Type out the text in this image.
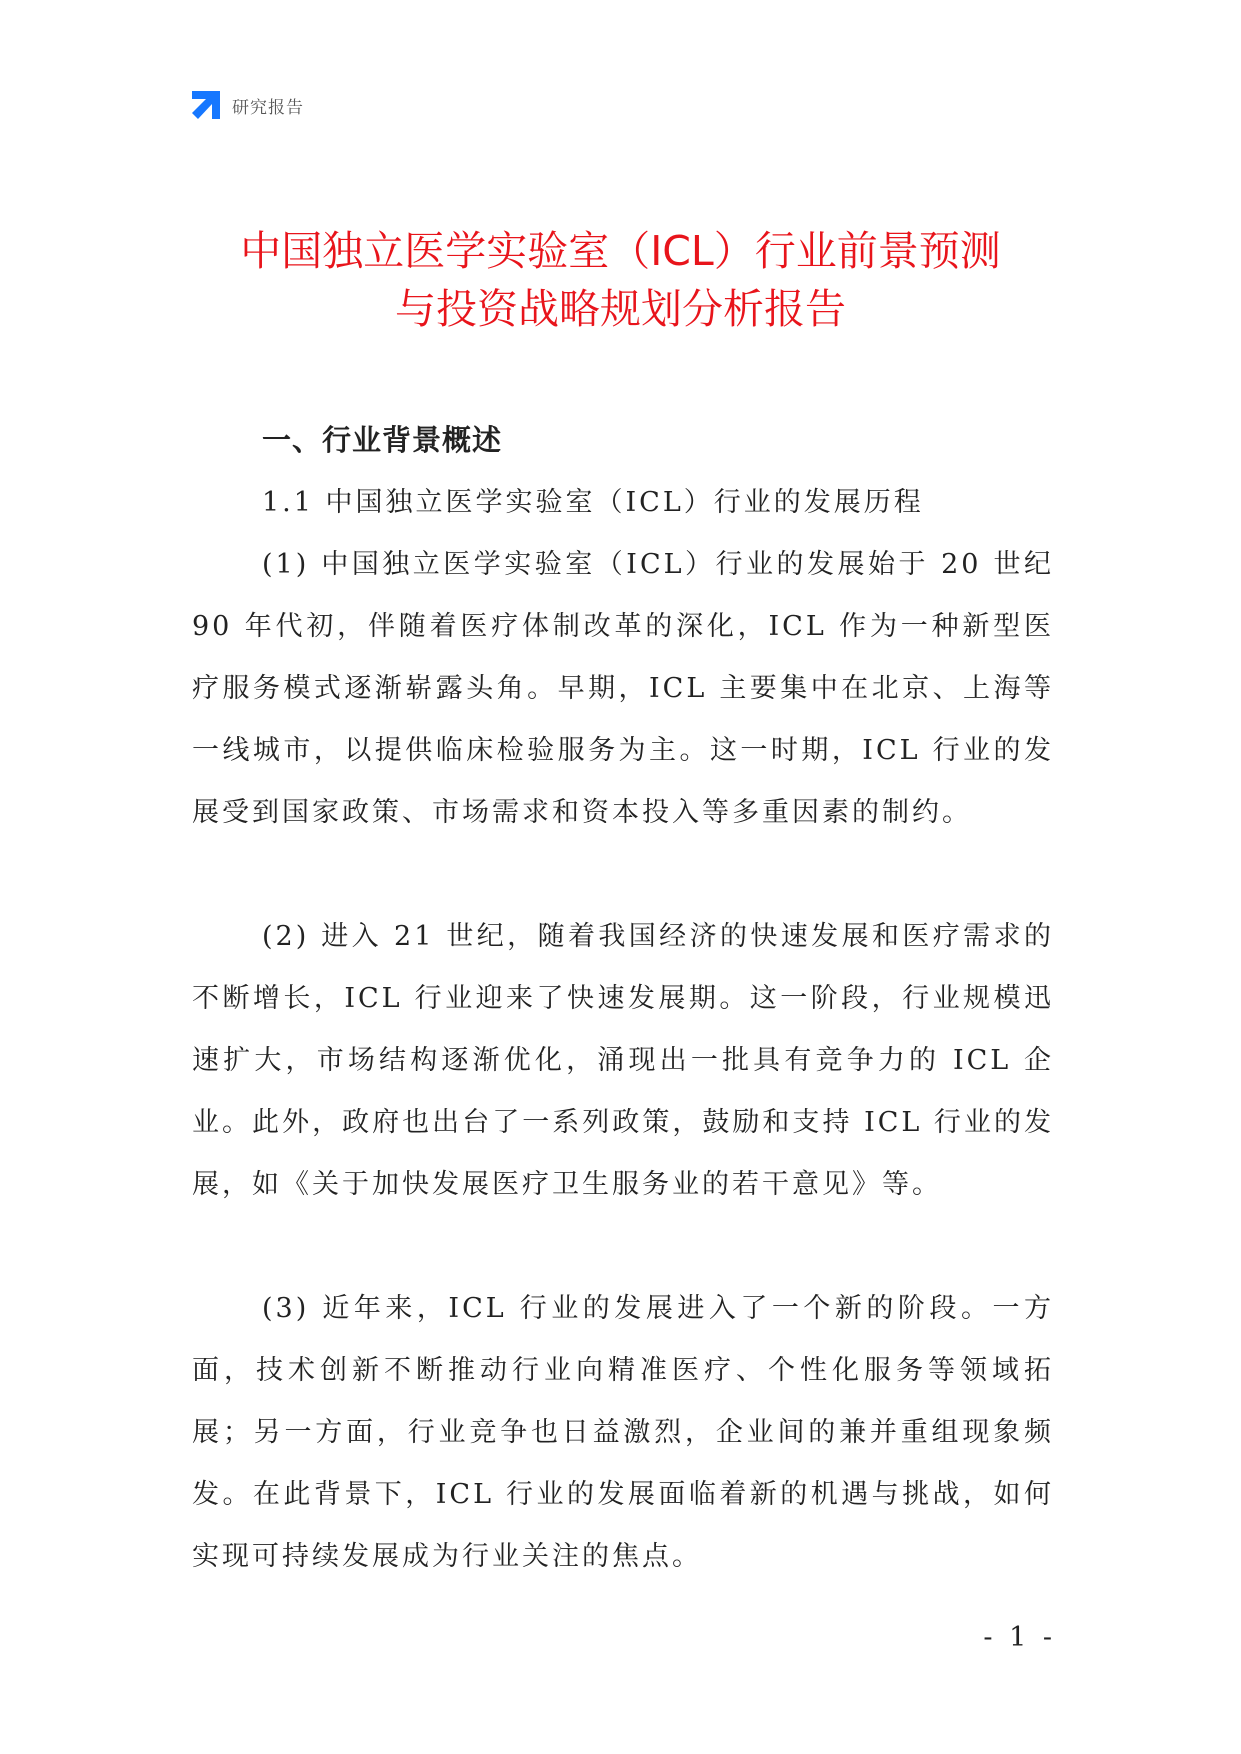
研究报告
中国独立医学实验室（ICL）行业前景预测
与投资战略规划分析报告
一、行业背景概述
1.1 中国独立医学实验室（ICL）行业的发展历程

(1) 中国独立医学实验室（ICL）行业的发展始于 20 世纪 90 年代初，伴随着医疗体制改革的深化，ICL 作为一种新型医疗服务模式逐渐崭露头角。早期，ICL 主要集中在北京、上海等一线城市，以提供临床检验服务为主。这一时期，ICL 行业的发展受到国家政策、市场需求和资本投入等多重因素的制约。

(2) 进入 21 世纪，随着我国经济的快速发展和医疗需求的不断增长，ICL 行业迎来了快速发展期。这一阶段，行业规模迅速扩大，市场结构逐渐优化，涌现出一批具有竞争力的 ICL 企业。此外，政府也出台了一系列政策，鼓励和支持 ICL 行业的发展，如《关于加快发展医疗卫生服务业的若干意见》等。

(3) 近年来，ICL 行业的发展进入了一个新的阶段。一方面，技术创新不断推动行业向精准医疗、个性化服务等领域拓展；另一方面，行业竞争也日益激烈，企业间的兼并重组现象频发。在此背景下，ICL 行业的发展面临着新的机遇与挑战，如何实现可持续发展成为行业关注的焦点。

- 1 -
